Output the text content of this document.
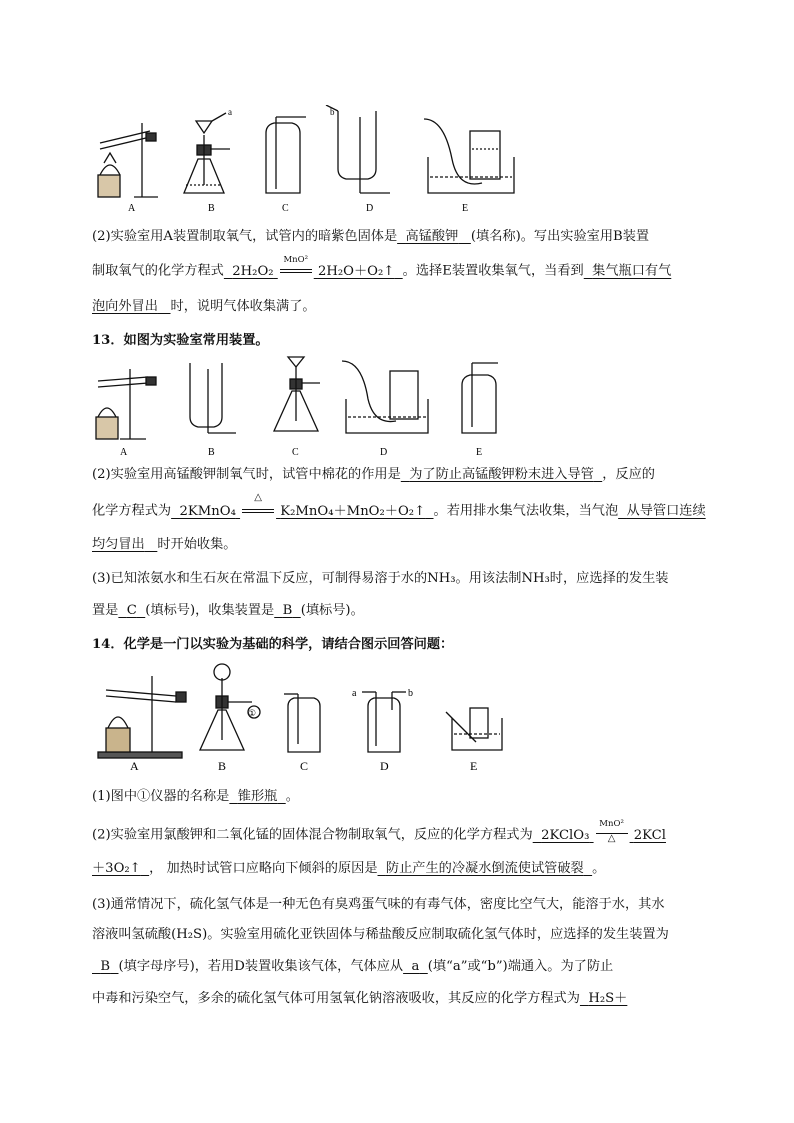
A	B	C	D	E
a	b
(2)实验室用A装置制取氧气，试管内的暗紫色固体是 高锰酸钾 (填名称)。写出实验室用B装置
制取氧气的化学方程式 2H₂O₂
MnO²
2H₂O＋O₂↑ 。选择E装置收集氧气，当看到 集气瓶口有气
泡向外冒出 时，说明气体收集满了。
13．如图为实验室常用装置。
A	B	C	D	E
(2)实验室用高锰酸钾制氧气时，试管中棉花的作用是 为了防止高锰酸钾粉末进入导管 ，反应的
化学方程式为 2KMnO₄
△
K₂MnO₄＋MnO₂＋O₂↑ 。若用排水集气法收集，当气泡 从导管口连续
均匀冒出 时开始收集。
(3)已知浓氨水和生石灰在常温下反应，可制得易溶于水的NH₃。用该法制NH₃时，应选择的发生装
置是 C (填标号)，收集装置是 B (填标号)。
14．化学是一门以实验为基础的科学，请结合图示回答问题：
A	B	C	D	E
①
a	b
(1)图中①仪器的名称是 锥形瓶 。
(2)实验室用氯酸钾和二氧化锰的固体混合物制取氧气，反应的化学方程式为 2KClO₃ $\frac{\text{MnO²}}{\triangle} 2KCl$
＋3O₂↑ ， 加热时试管口应略向下倾斜的原因是 防止产生的冷凝水倒流使试管破裂 。
(3)通常情况下，硫化氢气体是一种无色有臭鸡蛋气味的有毒气体，密度比空气大，能溶于水，其水
溶液叫氢硫酸(H₂S)。实验室用硫化亚铁固体与稀盐酸反应制取硫化氢气体时，应选择的发生装置为
B (填字母序号)，若用D装置收集该气体，气体应从 a (填“a”或“b”)端通入。为了防止
中毒和污染空气，多余的硫化氢气体可用氢氧化钠溶液吸收，其反应的化学方程式为 H₂S＋
